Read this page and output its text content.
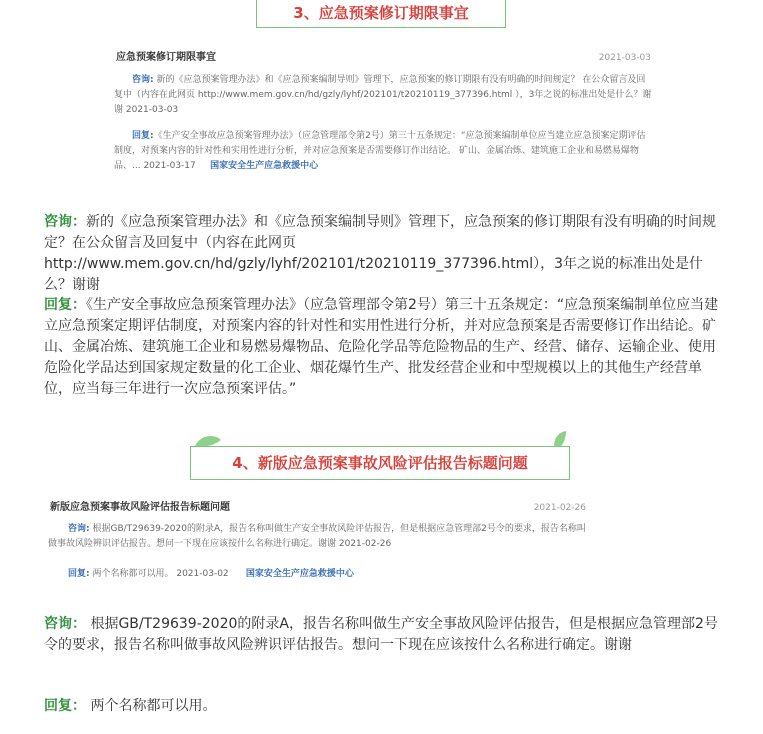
3、应急预案修订期限事宜
应急预案修订期限事宜	2021-03-03

咨询: 新的《应急预案管理办法》和《应急预案编制导则》管理下，应急预案的修订期限有没有明确的时间规定？ 在公众留言及回复中（内容在此网页 http://www.mem.gov.cn/hd/gzly/lyhf/202101/t20210119_377396.html ），3年之说的标准出处是什么？谢谢 2021-03-03

回复:《生产安全事故应急预案管理办法》（应急管理部令第2号）第三十五条规定：“应急预案编制单位应当建立应急预案定期评估制度，对预案内容的针对性和实用性进行分析，并对应急预案是否需要修订作出结论。 矿山、金属冶炼、建筑施工企业和易燃易爆物品、... 2021-03-17 国家安全生产应急救援中心

咨询：新的《应急预案管理办法》和《应急预案编制导则》管理下，应急预案的修订期限有没有明确的时间规定？在公众留言及回复中（内容在此网页http://www.mem.gov.cn/hd/gzly/lyhf/202101/t20210119_377396.html），3年之说的标准出处是什么？谢谢

回复：《生产安全事故应急预案管理办法》（应急管理部令第2号）第三十五条规定：“应急预案编制单位应当建立应急预案定期评估制度，对预案内容的针对性和实用性进行分析，并对应急预案是否需要修订作出结论。矿山、金属冶炼、建筑施工企业和易燃易爆物品、危险化学品等危险物品的生产、经营、储存、运输企业、使用危险化学品达到国家规定数量的化工企业、烟花爆竹生产、批发经营企业和中型规模以上的其他生产经营单位，应当每三年进行一次应急预案评估。”

4、新版应急预案事故风险评估报告标题问题
新版应急预案事故风险评估报告标题问题	2021-02-26

咨询: 根据GB/T29639-2020的附录A，报告名称叫做生产安全事故风险评估报告，但是根据应急管理部2号令的要求，报告名称叫做事故风险辨识评估报告。想问一下现在应该按什么名称进行确定。谢谢 2021-02-26

回复: 两个名称都可以用。 2021-03-02 国家安全生产应急救援中心

咨询： 根据GB/T29639-2020的附录A，报告名称叫做生产安全事故风险评估报告，但是根据应急管理部2号令的要求，报告名称叫做事故风险辨识评估报告。想问一下现在应该按什么名称进行确定。谢谢

回复： 两个名称都可以用。
